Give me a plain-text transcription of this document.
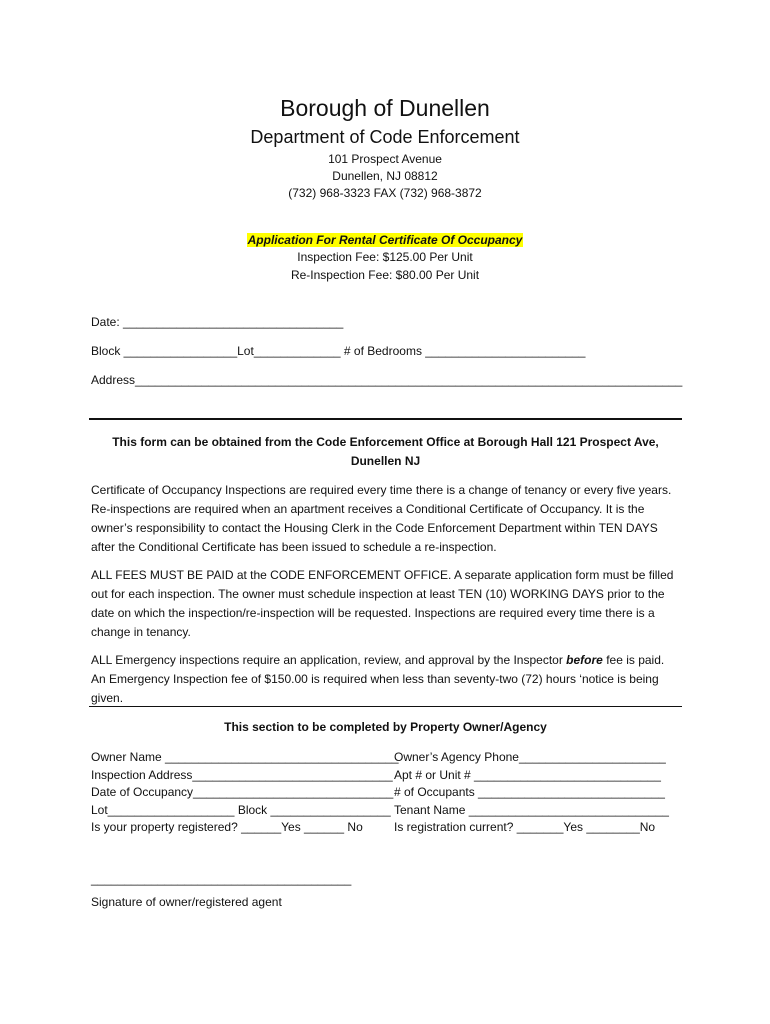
Borough of Dunellen
Department of Code Enforcement
101 Prospect Avenue
Dunellen, NJ 08812
(732) 968-3323 FAX (732) 968-3872
Application For Rental Certificate Of Occupancy
Inspection Fee: $125.00 Per Unit
Re-Inspection Fee: $80.00 Per Unit
Date: _________________________________
Block _________________Lot_____________ # of Bedrooms ________________________
Address__________________________________________________________________________________
This form can be obtained from the Code Enforcement Office at Borough Hall 121 Prospect Ave, Dunellen NJ

Certificate of Occupancy Inspections are required every time there is a change of tenancy or every five years. Re-inspections are required when an apartment receives a Conditional Certificate of Occupancy. It is the owner’s responsibility to contact the Housing Clerk in the Code Enforcement Department within TEN DAYS after the Conditional Certificate has been issued to schedule a re-inspection.

ALL FEES MUST BE PAID at the CODE ENFORCEMENT OFFICE. A separate application form must be filled out for each inspection. The owner must schedule inspection at least TEN (10) WORKING DAYS prior to the date on which the inspection/re-inspection will be requested. Inspections are required every time there is a change in tenancy.

ALL Emergency inspections require an application, review, and approval by the Inspector before fee is paid. An Emergency Inspection fee of $150.00 is required when less than seventy-two (72) hours ‘notice is being given.

This section to be completed by Property Owner/Agency
Owner Name ___________________________________
Owner’s Agency Phone______________________
Inspection Address______________________________ Apt # or Unit # ____________________________
Date of Occupancy______________________________ # of Occupants ____________________________
Lot___________________ Block __________________ Tenant Name ______________________________
Is your property registered? ______Yes ______ No	Is registration current? _______Yes ________No
_______________________________________
Signature of owner/registered agent
